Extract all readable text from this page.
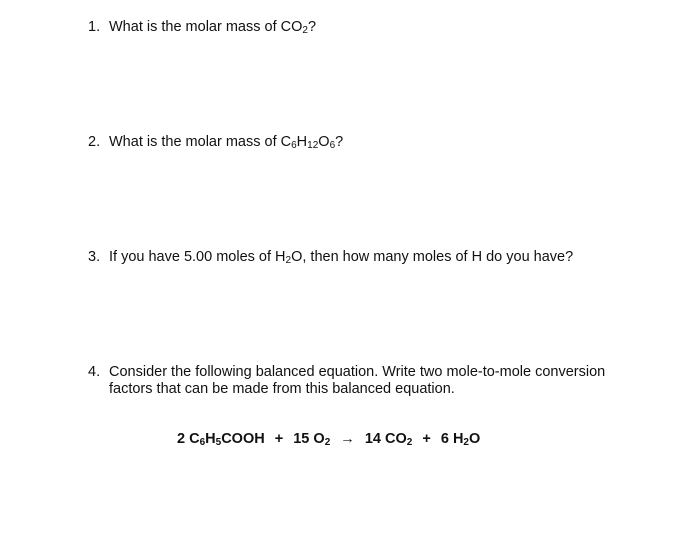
1. What is the molar mass of $CO_2$?
2. What is the molar mass of $C_6H_{12}O_6$?
3. If you have 5.00 moles of $H_2O$, then how many moles of H do you have?
4. Consider the following balanced equation. Write two mole-to-mole conversion factors that can be made from this balanced equation.
2 $C_6H_5COOH + 15$ $O_2 \to 14$ $CO_2 + 6$ $H_2O$
